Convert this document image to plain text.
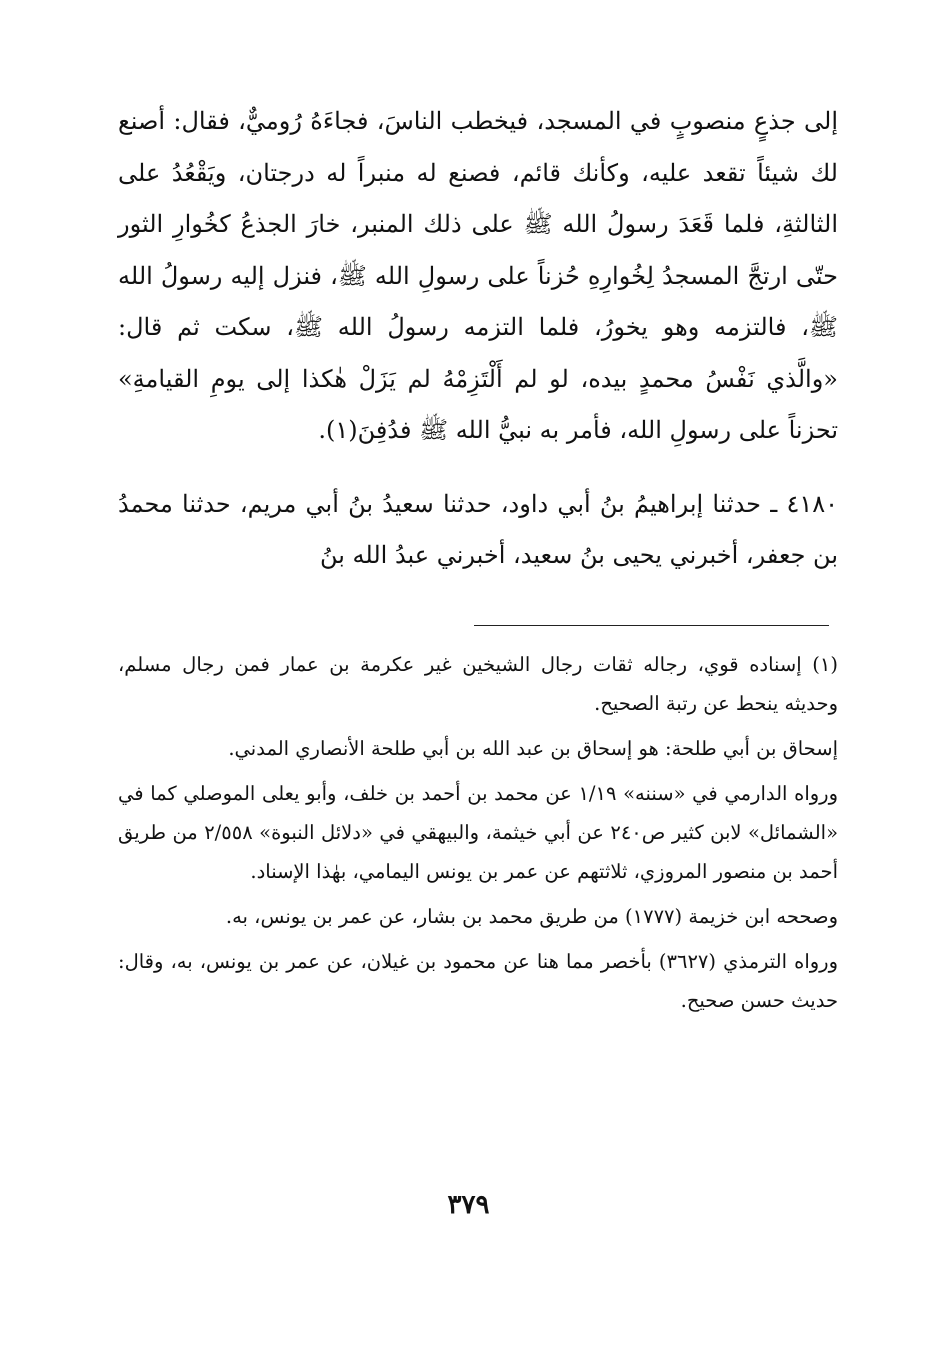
إلى جذعٍ منصوبٍ في المسجد، فيخطب الناسَ، فجاءَهُ رُوميٌّ، فقال: أصنع لك شيئاً تقعد عليه، وكأنك قائم، فصنع له منبراً له درجتان، ويَقْعُدُ على الثالثةِ، فلما قَعَدَ رسولُ الله ﷺ على ذلك المنبر، خارَ الجذعُ كخُوارِ الثور حتّى ارتجَّ المسجدُ لِخُوارِهِ حُزناً على رسولِ الله ﷺ، فنزل إليه رسولُ الله ﷺ، فالتزمه وهو يخورُ، فلما التزمه رسولُ الله ﷺ، سكت ثم قال: «والَّذي نَفْسُ محمدٍ بيده، لو لم أَلْتَزِمْهُ لم يَزَلْ هٰكذا إلى يومِ القيامةِ» تحزناً على رسولِ الله، فأمر به نبيُّ الله ﷺ فدُفِنَ(١).

٤١٨٠ ـ حدثنا إبراهيمُ بنُ أبي داود، حدثنا سعيدُ بنُ أبي مريم، حدثنا محمدُ بن جعفر، أخبرني يحيى بنُ سعيد، أخبرني عبدُ الله بنُ

(١) إسناده قوي، رجاله ثقات رجال الشيخين غير عكرمة بن عمار فمن رجال مسلم، وحديثه ينحط عن رتبة الصحيح.

إسحاق بن أبي طلحة: هو إسحاق بن عبد الله بن أبي طلحة الأنصاري المدني.

ورواه الدارمي في «سننه» ١/١٩ عن محمد بن أحمد بن خلف، وأبو يعلى الموصلي كما في «الشمائل» لابن كثير ص٢٤٠ عن أبي خيثمة، والبيهقي في «دلائل النبوة» ٢/٥٥٨ من طريق أحمد بن منصور المروزي، ثلاثتهم عن عمر بن يونس اليمامي، بهٰذا الإسناد.

وصححه ابن خزيمة (١٧٧٧) من طريق محمد بن بشار، عن عمر بن يونس، به.

ورواه الترمذي (٣٦٢٧) بأخصر مما هنا عن محمود بن غيلان، عن عمر بن يونس، به، وقال: حديث حسن صحيح.

٣٧٩
